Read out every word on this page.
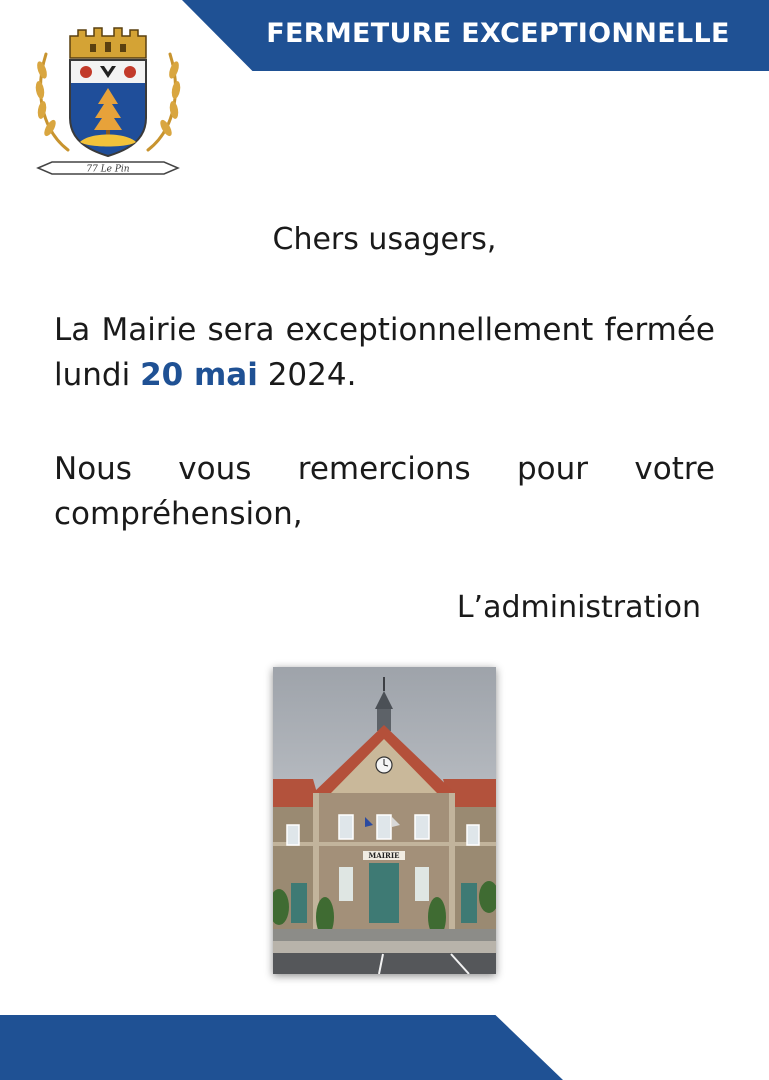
FERMETURE EXCEPTIONNELLE
77 Le Pin
Chers usagers,
La Mairie sera exceptionnellement fermée lundi 20 mai 2024.
Nous vous remercions pour votre compréhension,
L’administration
MAIRIE
